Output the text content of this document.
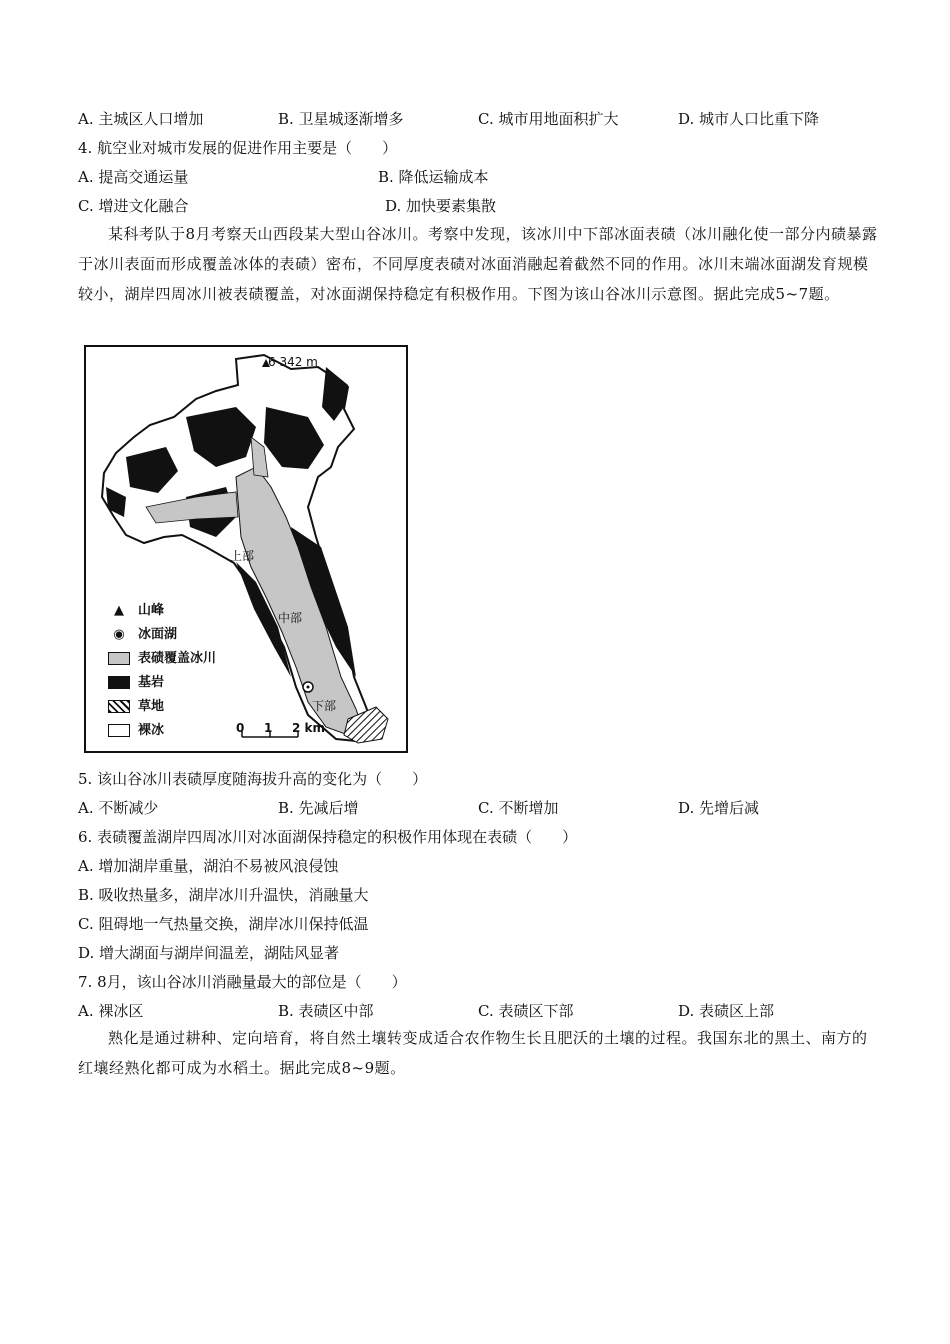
A. 主城区人口增加	B. 卫星城逐渐增多	C. 城市用地面积扩大	D. 城市人口比重下降
4. 航空业对城市发展的促进作用主要是（　　）
A. 提高交通运量	B. 降低运输成本
C. 增进文化融合	D. 加快要素集散
某科考队于8月考察天山西段某大型山谷冰川。考察中发现，该冰川中下部冰面表碛（冰川融化使一部分内碛暴露于冰川表面而形成覆盖冰体的表碛）密布，不同厚度表碛对冰面消融起着截然不同的作用。冰川末端冰面湖发育规模较小，湖岸四周冰川被表碛覆盖，对冰面湖保持稳定有积极作用。下图为该山谷冰川示意图。据此完成5~7题。
6 342 m
上部
中部
下部
▲ 山峰
◉ 冰面湖
表碛覆盖冰川
基岩
草地
裸冰	0 1 2 km
5. 该山谷冰川表碛厚度随海拔升高的变化为（　　）
A. 不断减少	B. 先减后增	C. 不断增加	D. 先增后减
6. 表碛覆盖湖岸四周冰川对冰面湖保持稳定的积极作用体现在表碛（　　）
A. 增加湖岸重量，湖泊不易被风浪侵蚀
B. 吸收热量多，湖岸冰川升温快，消融量大
C. 阻碍地一气热量交换，湖岸冰川保持低温
D. 增大湖面与湖岸间温差，湖陆风显著
7. 8月，该山谷冰川消融量最大的部位是（　　）
A. 裸冰区	B. 表碛区中部	C. 表碛区下部	D. 表碛区上部
熟化是通过耕种、定向培育，将自然土壤转变成适合农作物生长且肥沃的土壤的过程。我国东北的黑土、南方的红壤经熟化都可成为水稻土。据此完成8~9题。
